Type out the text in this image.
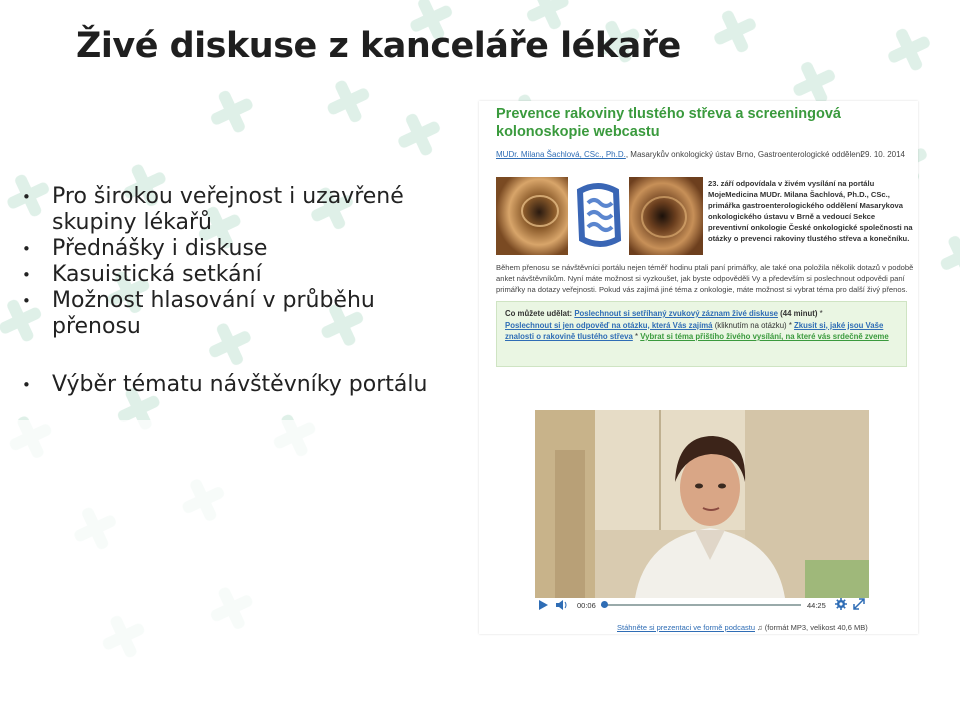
Živé diskuse z kanceláře lékaře
• Pro širokou veřejnost i uzavřené skupiny lékařů
• Přednášky i diskuse
• Kasuistická setkání
• Možnost hlasování v průběhu přenosu
• Výběr tématu návštěvníky portálu
Prevence rakoviny tlustého střeva a screeningová kolonoskopie webcastu
MUDr. Milana Šachlová, CSc., Ph.D., Masarykův onkologický ústav Brno, Gastroenterologické oddělení
29. 10. 2014
23. září odpovídala v živém vysílání na portálu MojeMedicina MUDr. Milana Šachlová, Ph.D., CSc., primářka gastroenterologického oddělení Masarykova onkologického ústavu v Brně a vedoucí Sekce preventivní onkologie České onkologické společnosti na otázky o prevenci rakoviny tlustého střeva a konečníku.
Během přenosu se návštěvníci portálu nejen téměř hodinu ptali paní primářky, ale také ona položila několik dotazů v podobě anket návštěvníkům. Nyní máte možnost si vyzkoušet, jak byste odpověděli Vy a především si poslechnout odpovědi paní primářky na dotazy veřejnosti. Pokud vás zajímá jiné téma z onkologie, máte možnost si vybrat téma pro další živý přenos.
Co můžete udělat: Poslechnout si setříhaný zvukový záznam živé diskuse (44 minut) *
Poslechnout si jen odpověď na otázku, která Vás zajímá (kliknutím na otázku) * Zkusit si, jaké jsou Vaše znalosti o rakovině tlustého střeva * Vybrat si téma přištího živého vysílání, na které vás srdečně zveme
00:06	44:25
Stáhněte si prezentaci ve formě podcastu ♫ (formát MP3, velikost 40,6 MB)
